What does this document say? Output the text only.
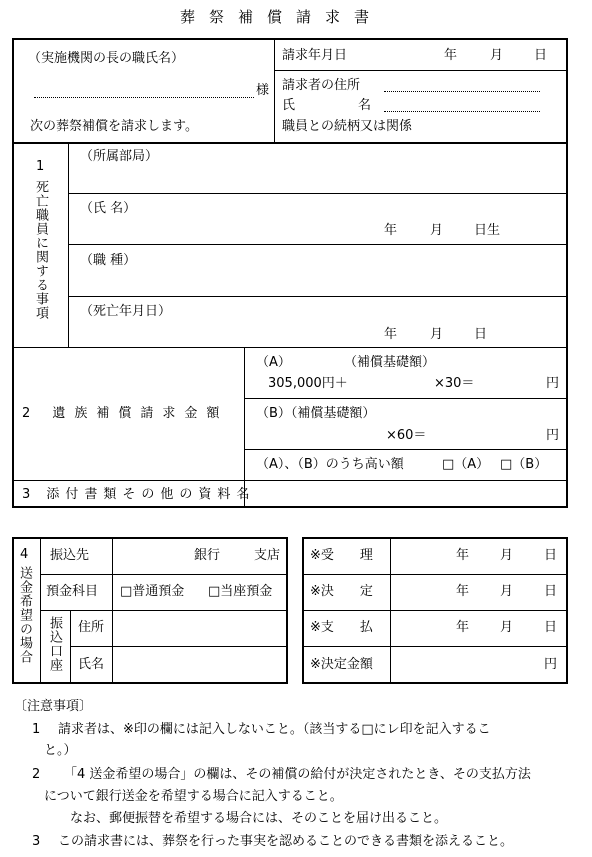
葬祭補償請求書
（実施機関の長の職氏名）
様
次の葬祭補償を請求します。
請求年月日	年	月 日
請求者の住所
氏	名
職員との続柄又は関係
1
死亡職員に関する事項
（所属部局）
（氏 名）
年	月 日生
（職 種）
（死亡年月日）
年	月 日
2 遺族補償請求金額
（A）	（補償基礎額）
305,000円＋	×30＝	円
（B）（補償基礎額）
×60＝	円
（A）、（B）のうち高い額	□（A） □（B）
3 添付書類その他の資料名
4
送金希望の場合
振込先	銀行	支店
預金科目 □普通預金 □当座預金
振込口座 住所
氏名
※受　　理	年 月 日
※決　　定	年 月 日
※支　　払	年 月 日
※決定金額	円
〔注意事項〕
1 請求者は、※印の欄には記入しないこと。（該当する□にレ印を記入するこ
と。）
2 「4 送金希望の場合」の欄は、その補償の給付が決定されたとき、その支払方法
について銀行送金を希望する場合に記入すること。
なお、郵便振替を希望する場合には、そのことを届け出ること。
3 この請求書には、葬祭を行った事実を認めることのできる書類を添えること。
